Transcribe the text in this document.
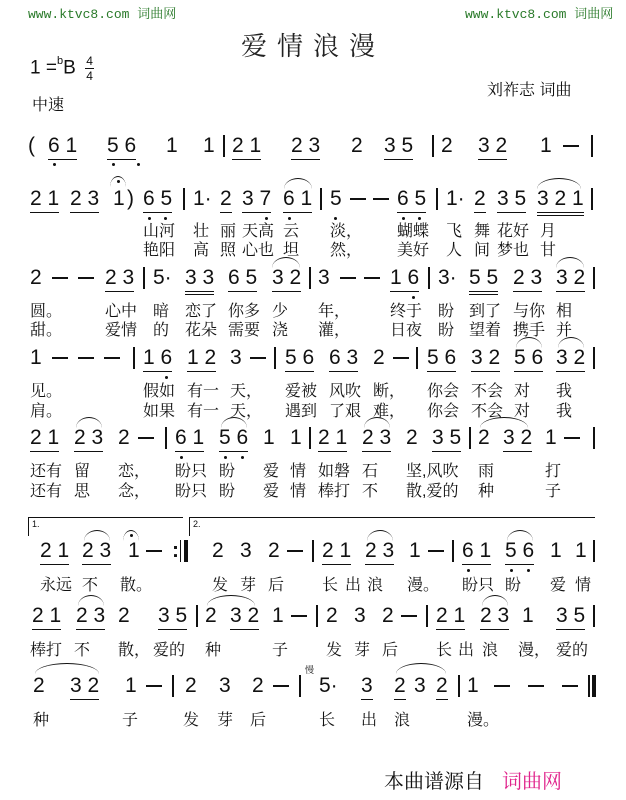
www.ktvc8.com 词曲网	www.ktvc8.com 词曲网
爱情浪漫
$1 =^bB \frac{4}{4}$
中速
刘祚志 词曲
( 6 1 5 6 1 1 2 1 2 3 2 3 5 2 3 2 1
2 1 2 3 1 ) 6 5 1· 2 3 7 6 1 5	6 5 1· 2 3 5 3 2 1
山河 壮 丽 天高 云 淡， 蝴蝶 飞 舞 花好 月
艳阳 高 照 心也 坦 然， 美好 人 间 梦也 甘
2	2 3 5· 3 3 6 5 3 2 3	1 6 3· 5 5 2 3 3 2
圆。	心中 暗 恋了 你多 少 年， 终于 盼 到了 与你 相
甜。	爱情 的 花朵 需要 浇 灌， 日夜 盼 望着 携手 并
1	1 6 1 2 3 5 6 6 3 2 5 6 3 2 5 6 3 2
见。	假如 有一 天， 爱被 风吹 断， 你会 不会 对 我
肩。	如果 有一 天， 遇到 了艰 难， 你会 不会 对 我
2 1 2 3 2 6 1 5 6 1 1 2 1 2 3 2 3 5 2 3 2 1
还有 留 恋， 盼只 盼 爱 情 如磐 石 坚,风吹 雨	打
还有 思 念， 盼只 盼 爱 情 棒打 不 散,爱的 种	子
1.	2.
2 1 2 3 1 : 2 3 2 2 1 2 3 1 6 1 5 6 1 1
永远 不 散。	发 芽 后 长 出 浪 漫。 盼只 盼 爱 情
2 1 2 3 2 3 5 2 3 2 1 2 3 2 2 1 2 3 1 3 5
棒打 不 散， 爱的 种	子 发 芽 后 长 出 浪 漫， 爱的
2 3 2 1 2 3 2
慢
5· 3 2 3 2 1
种	子	发 芽 后	长 出 浪	漫。
本曲谱源自 词曲网
